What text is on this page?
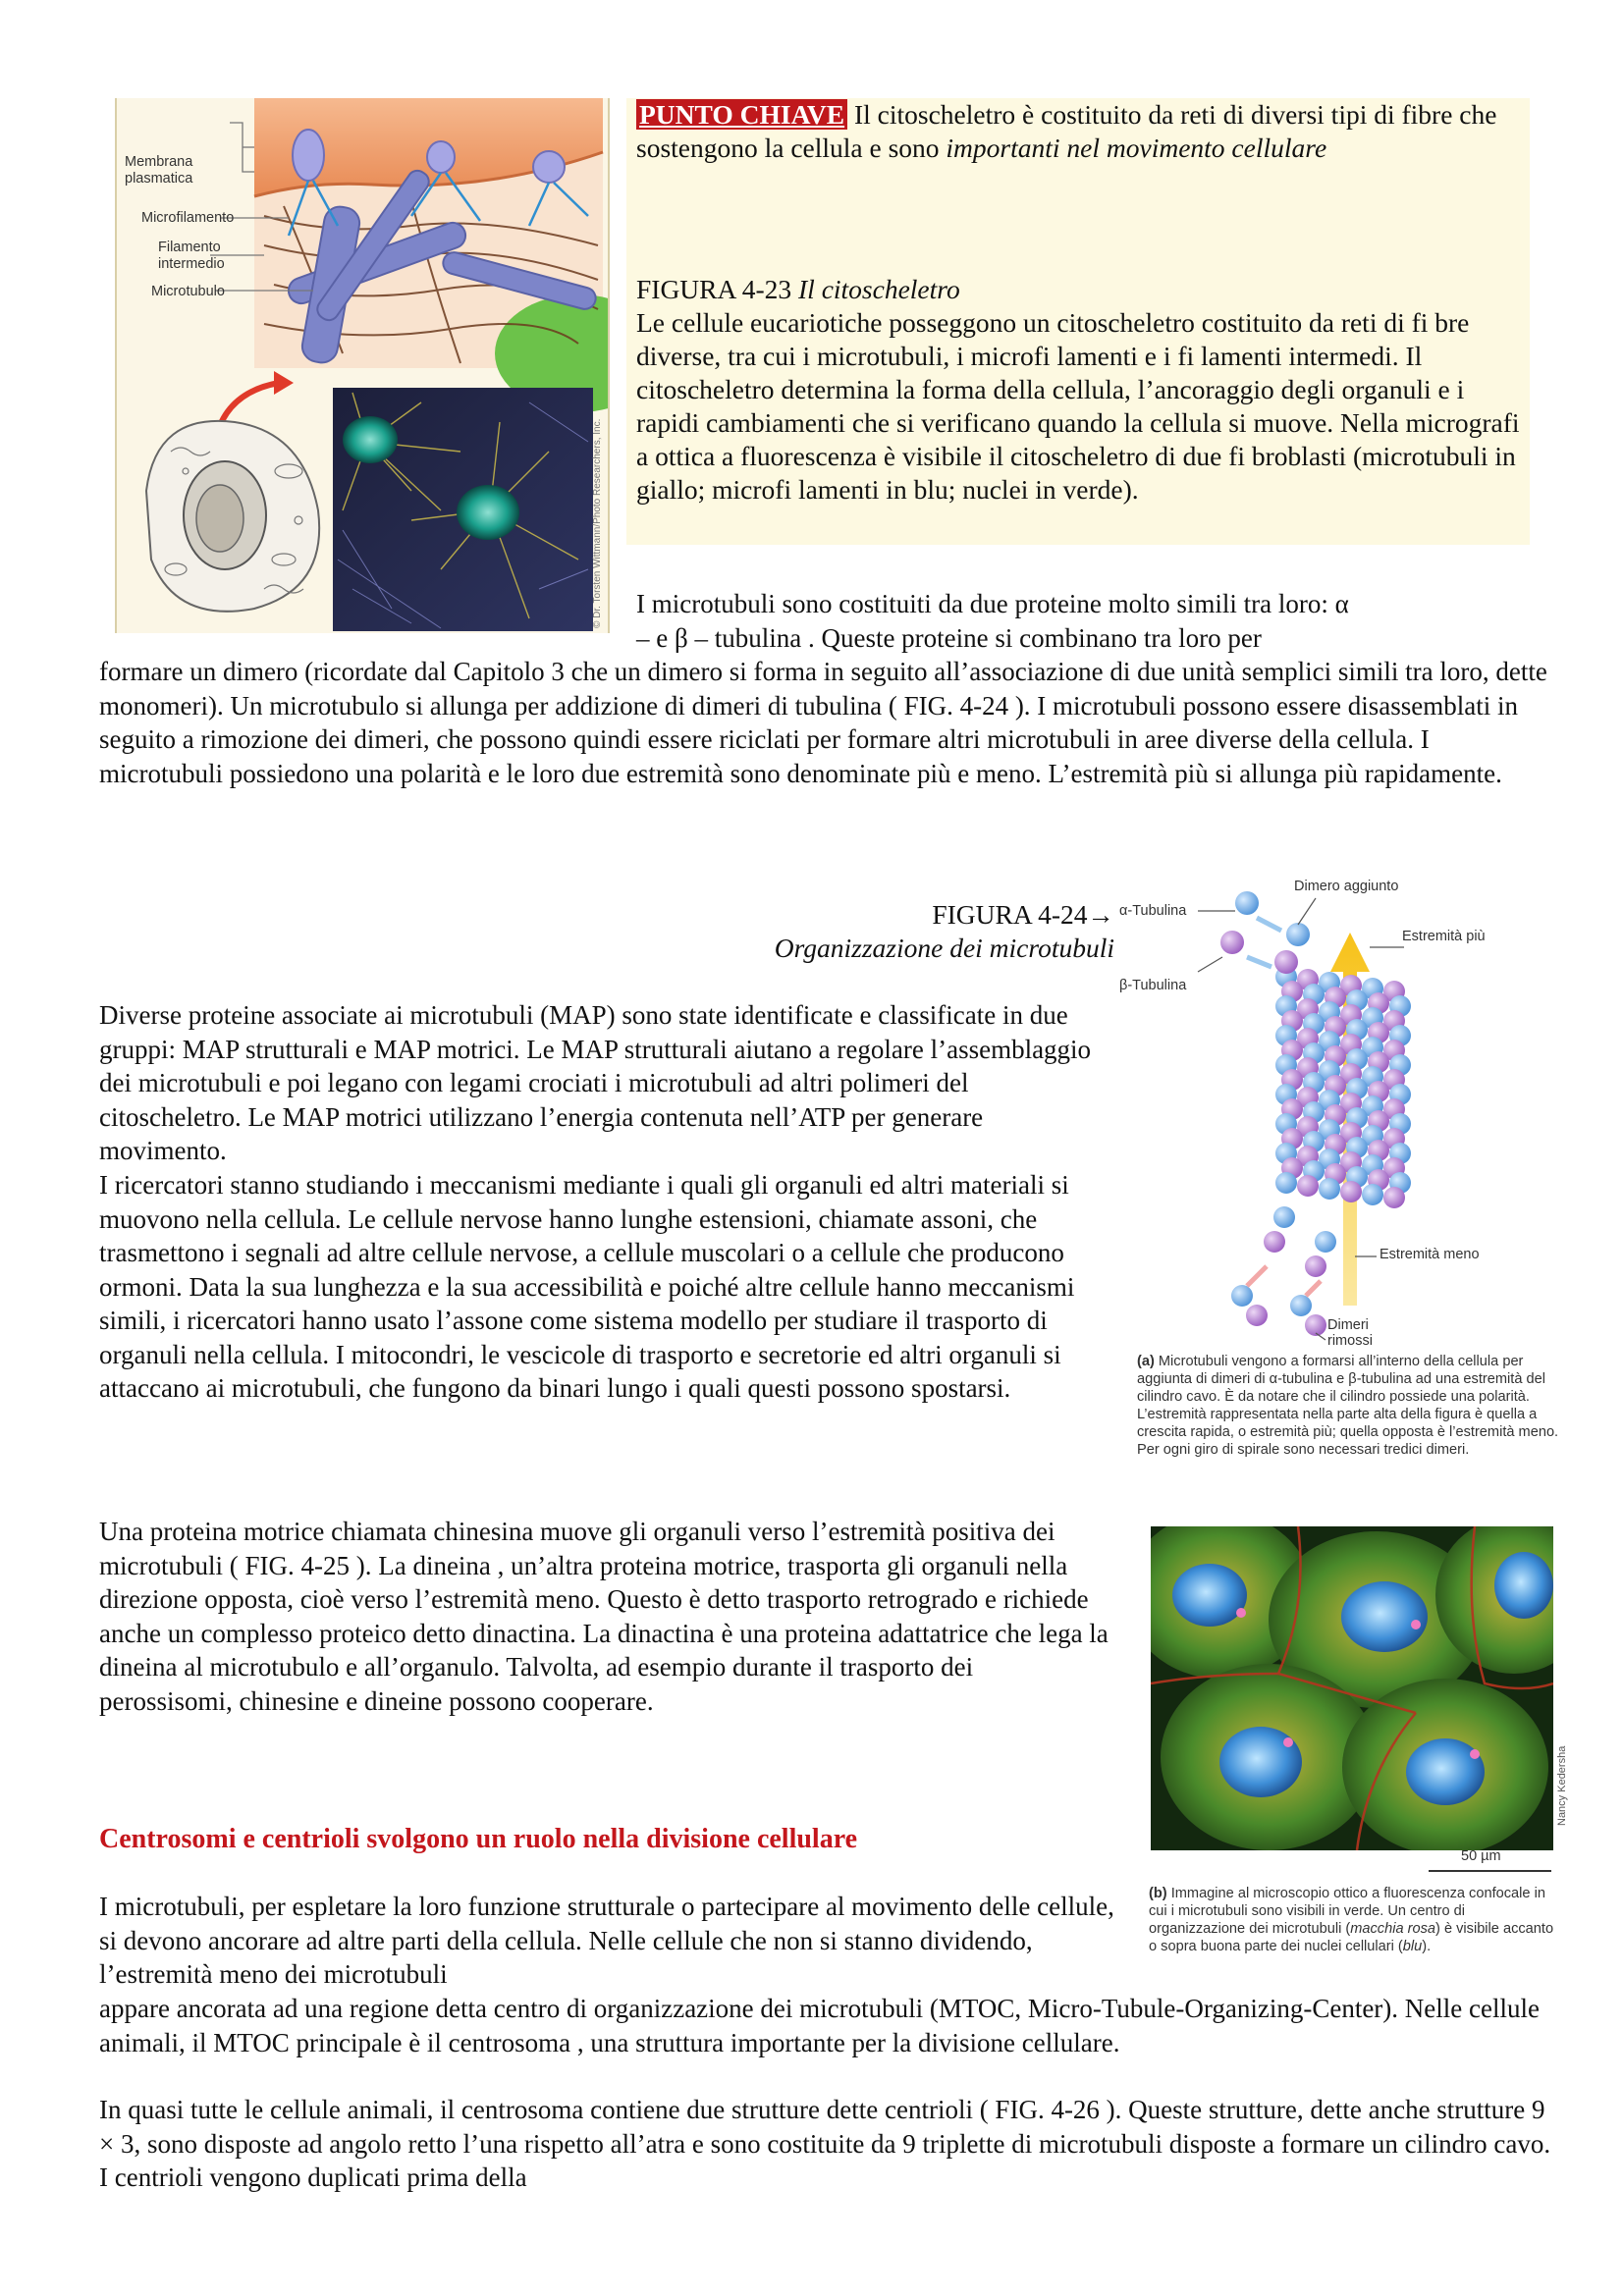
Membrana
plasmatica
Microfilamento
Filamento
intermedio
Microtubulo
© Dr. Torsten Wittmann/Photo Researchers, Inc.
PUNTO CHIAVE Il citoscheletro è costituito da reti di diversi tipi di fibre che sostengono la cellula e sono importanti nel movimento cellulare
FIGURA 4-23 Il citoscheletro
Le cellule eucariotiche posseggono un citoscheletro costituito da reti di fi bre diverse, tra cui i microtubuli, i microfi lamenti e i fi lamenti intermedi. Il citoscheletro determina la forma della cellula, l’ancoraggio degli organuli e i rapidi cambiamenti che si verificano quando la cellula si muove. Nella micrografi a ottica a fluorescenza è visibile il citoscheletro di due fi broblasti (microtubuli in giallo; microfi lamenti in blu; nuclei in verde).
I microtubuli sono costituiti da due proteine molto simili tra loro: α
– e β – tubulina . Queste proteine si combinano tra loro per
formare un dimero (ricordate dal Capitolo 3 che un dimero si forma in seguito all’associazione di due unità semplici simili tra loro, dette monomeri). Un microtubulo si allunga per addizione di dimeri di tubulina ( FIG. 4-24 ). I microtubuli possono essere disassemblati in seguito a rimozione dei dimeri, che possono quindi essere riciclati per formare altri microtubuli in aree diverse della cellula. I microtubuli possiedono una polarità e le loro due estremità sono denominate più e meno. L’estremità più si allunga più rapidamente.
FIGURA 4-24→
Organizzazione dei microtubuli
Dimero aggiunto
α-Tubulina
β-Tubulina
Estremità più
Estremità meno
Dimeri
rimossi
(a) Microtubuli vengono a formarsi all’interno della cellula per aggiunta di dimeri di α-tubulina e β-tubulina ad una estremità del cilindro cavo. È da notare che il cilindro possiede una polarità. L’estremità rappresentata nella parte alta della figura è quella a crescita rapida, o estremità più; quella opposta è l’estremità meno. Per ogni giro di spirale sono necessari tredici dimeri.
Nancy Kedersha
50 µm
(b) Immagine al microscopio ottico a fluorescenza confocale in cui i microtubuli sono visibili in verde. Un centro di organizzazione dei microtubuli (macchia rosa) è visibile accanto o sopra buona parte dei nuclei cellulari (blu).
Diverse proteine associate ai microtubuli (MAP) sono state identificate e classificate in due gruppi: MAP strutturali e MAP motrici. Le MAP strutturali aiutano a regolare l’assemblaggio dei microtubuli e poi legano con legami crociati i microtubuli ad altri polimeri del citoscheletro. Le MAP motrici utilizzano l’energia contenuta nell’ATP per generare movimento.
I ricercatori stanno studiando i meccanismi mediante i quali gli organuli ed altri materiali si muovono nella cellula. Le cellule nervose hanno lunghe estensioni, chiamate assoni, che trasmettono i segnali ad altre cellule nervose, a cellule muscolari o a cellule che producono ormoni. Data la sua lunghezza e la sua accessibilità e poiché altre cellule hanno meccanismi simili, i ricercatori hanno usato l’assone come sistema modello per studiare il trasporto di organuli nella cellula. I mitocondri, le vescicole di trasporto e secretorie ed altri organuli si attaccano ai microtubuli, che fungono da binari lungo i quali questi possono spostarsi.
Una proteina motrice chiamata chinesina muove gli organuli verso l’estremità positiva dei microtubuli ( FIG. 4-25 ). La dineina , un’altra proteina motrice, trasporta gli organuli nella direzione opposta, cioè verso l’estremità meno. Questo è detto trasporto retrogrado e richiede anche un complesso proteico detto dinactina. La dinactina è una proteina adattatrice che lega la dineina al microtubulo e all’organulo. Talvolta, ad esempio durante il trasporto dei perossisomi, chinesine e dineine possono cooperare.
Centrosomi e centrioli svolgono un ruolo nella divisione cellulare
I microtubuli, per espletare la loro funzione strutturale o partecipare al movimento delle cellule, si devono ancorare ad altre parti della cellula. Nelle cellule che non si stanno dividendo, l’estremità meno dei microtubuli
appare ancorata ad una regione detta centro di organizzazione dei microtubuli (MTOC, Micro-Tubule-Organizing-Center). Nelle cellule animali, il MTOC principale è il centrosoma , una struttura importante per la divisione cellulare.
In quasi tutte le cellule animali, il centrosoma contiene due strutture dette centrioli ( FIG. 4-26 ). Queste strutture, dette anche strutture 9 × 3, sono disposte ad angolo retto l’una rispetto all’atra e sono costituite da 9 triplette di microtubuli disposte a formare un cilindro cavo. I centrioli vengono duplicati prima della
